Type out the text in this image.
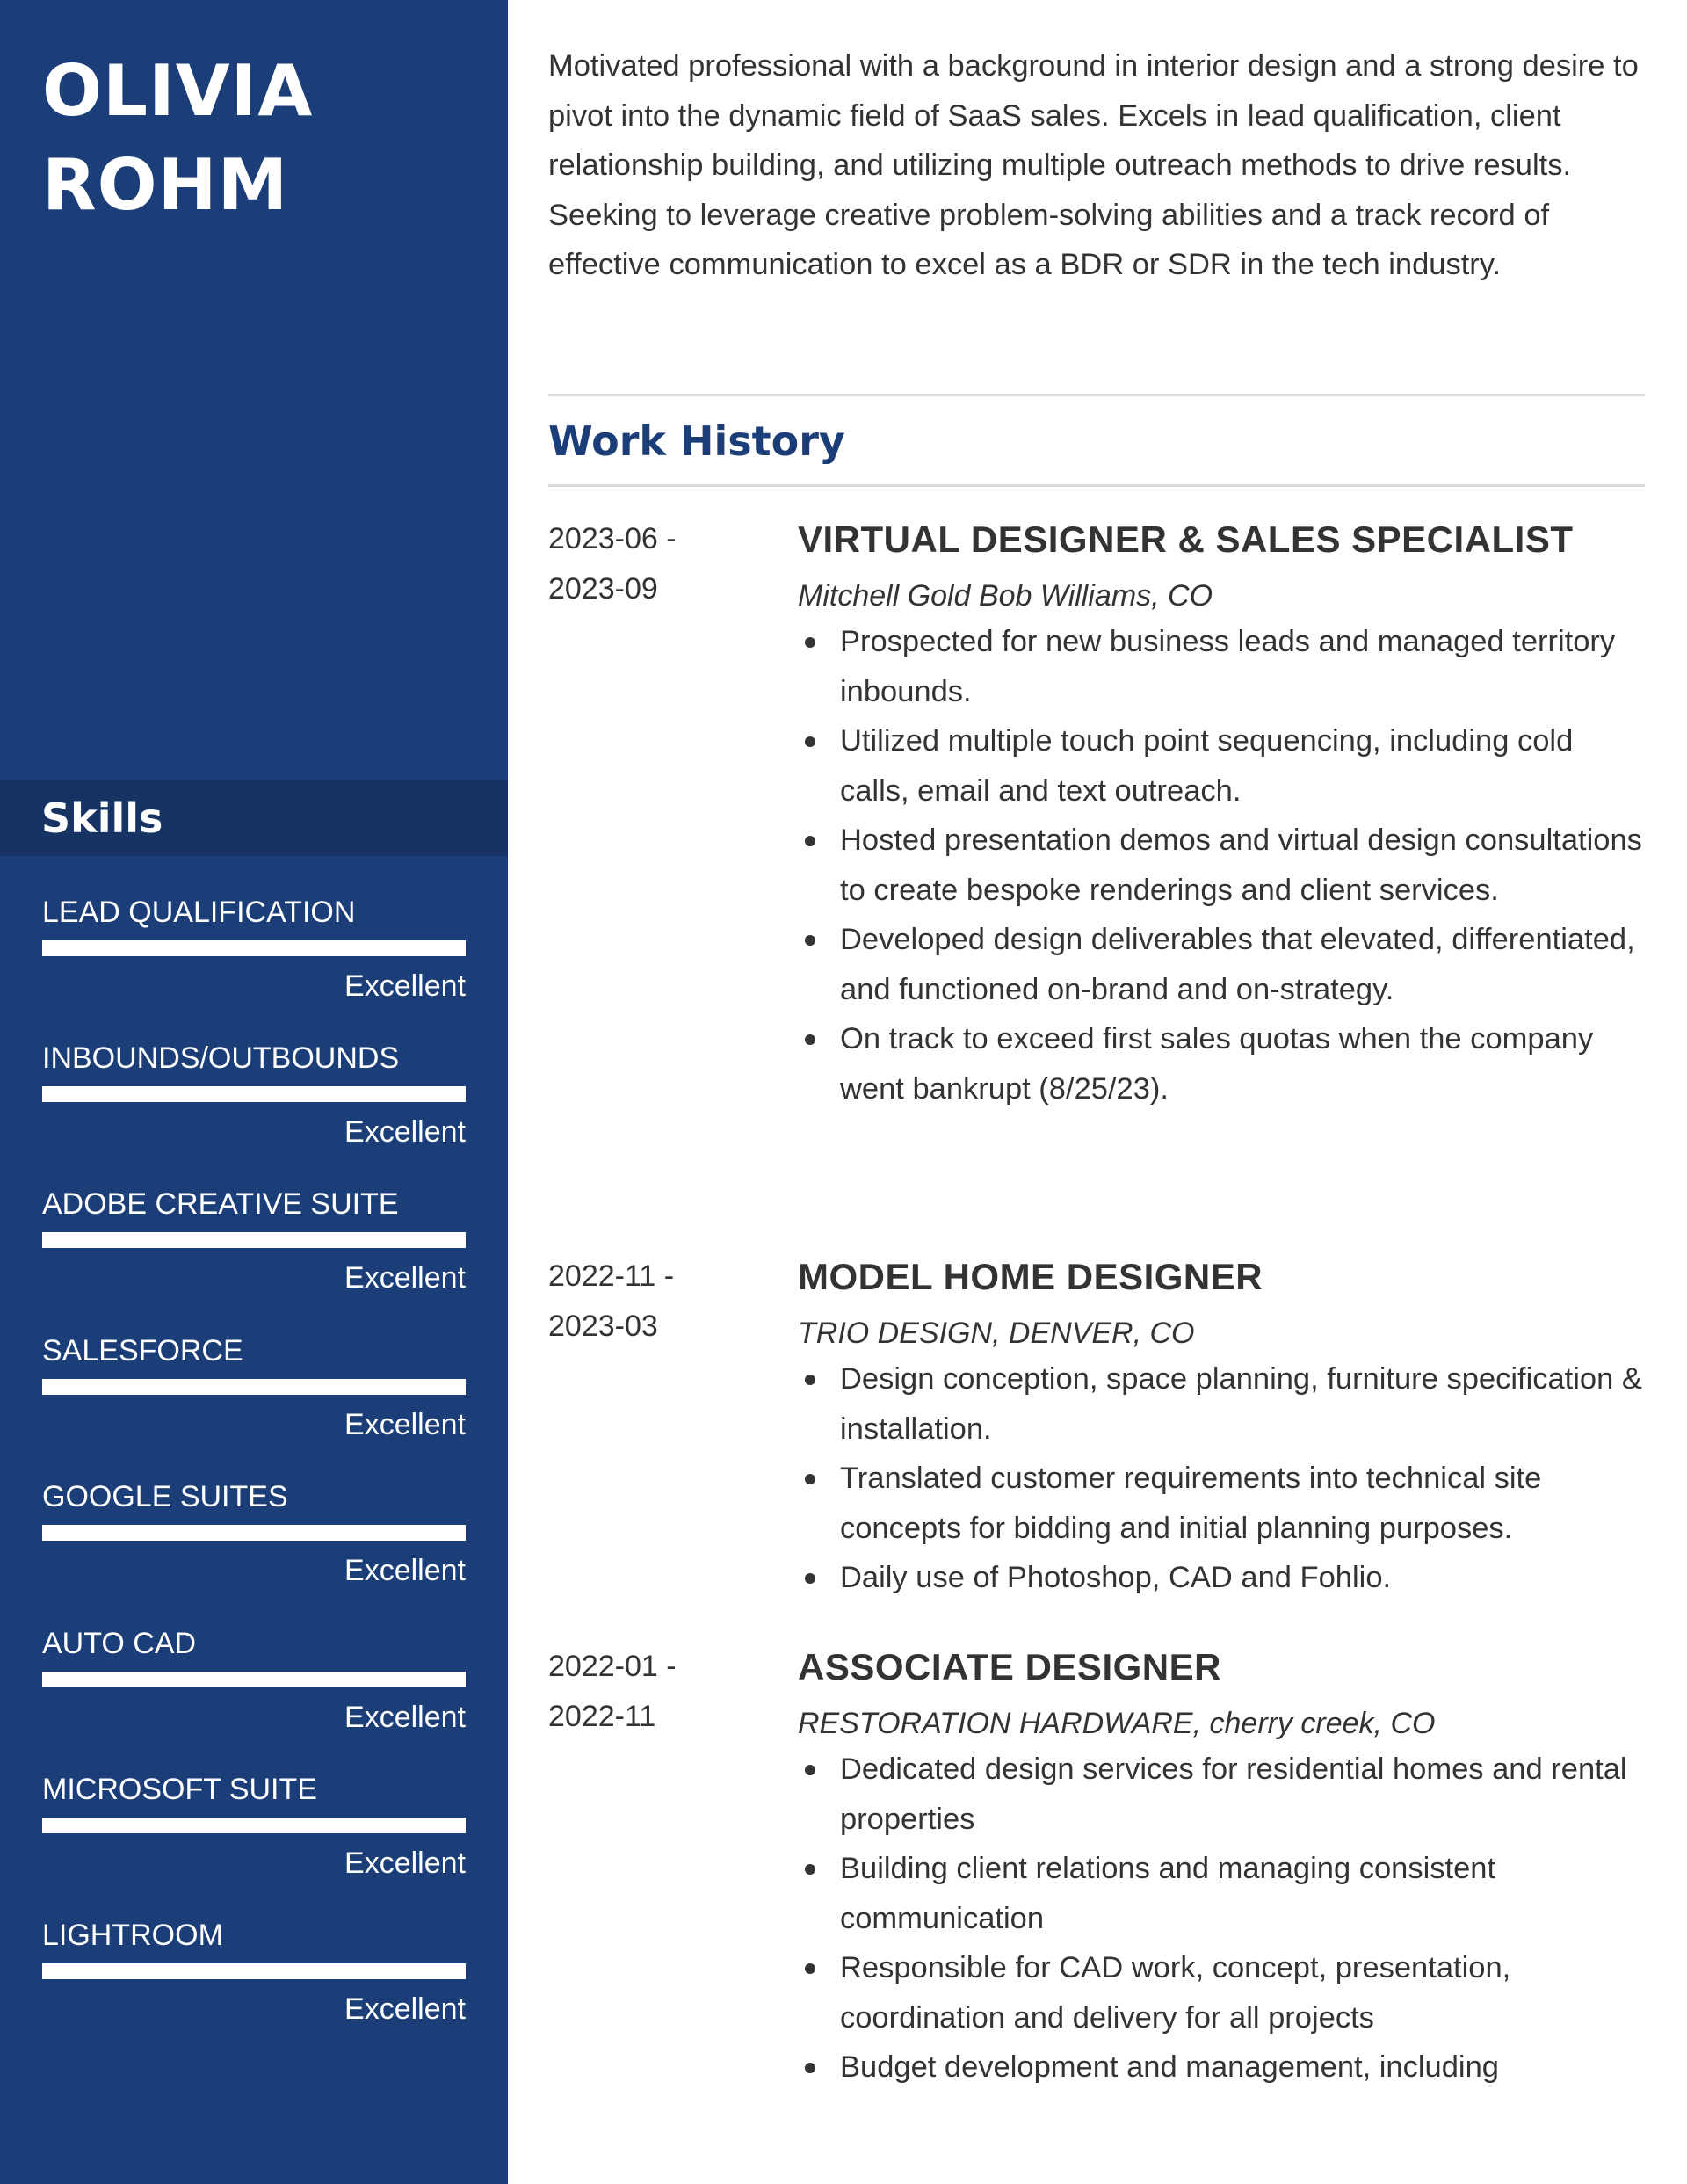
OLIVIA
ROHM
Skills
LEAD QUALIFICATION
Excellent
INBOUNDS/OUTBOUNDS
Excellent
ADOBE CREATIVE SUITE
Excellent
SALESFORCE
Excellent
GOOGLE SUITES
Excellent
AUTO CAD
Excellent
MICROSOFT SUITE
Excellent
LIGHTROOM
Excellent

Motivated professional with a background in interior design and a strong desire to pivot into the dynamic field of SaaS sales. Excels in lead qualification, client relationship building, and utilizing multiple outreach methods to drive results. Seeking to leverage creative problem-solving abilities and a track record of effective communication to excel as a BDR or SDR in the tech industry.

Work History
2023-06 -
2023-09
VIRTUAL DESIGNER & SALES SPECIALIST
Mitchell Gold Bob Williams, CO
Prospected for new business leads and managed territory inbounds.
Utilized multiple touch point sequencing, including cold calls, email and text outreach.
Hosted presentation demos and virtual design consultations to create bespoke renderings and client services.
Developed design deliverables that elevated, differentiated, and functioned on-brand and on-strategy.
On track to exceed first sales quotas when the company went bankrupt (8/25/23).
2022-11 -
2023-03
MODEL HOME DESIGNER
TRIO DESIGN, DENVER, CO
Design conception, space planning, furniture specification & installation.
Translated customer requirements into technical site concepts for bidding and initial planning purposes.
Daily use of Photoshop, CAD and Fohlio.
2022-01 -
2022-11
ASSOCIATE DESIGNER
RESTORATION HARDWARE, cherry creek, CO
Dedicated design services for residential homes and rental properties
Building client relations and managing consistent communication
Responsible for CAD work, concept, presentation, coordination and delivery for all projects
Budget development and management, including
